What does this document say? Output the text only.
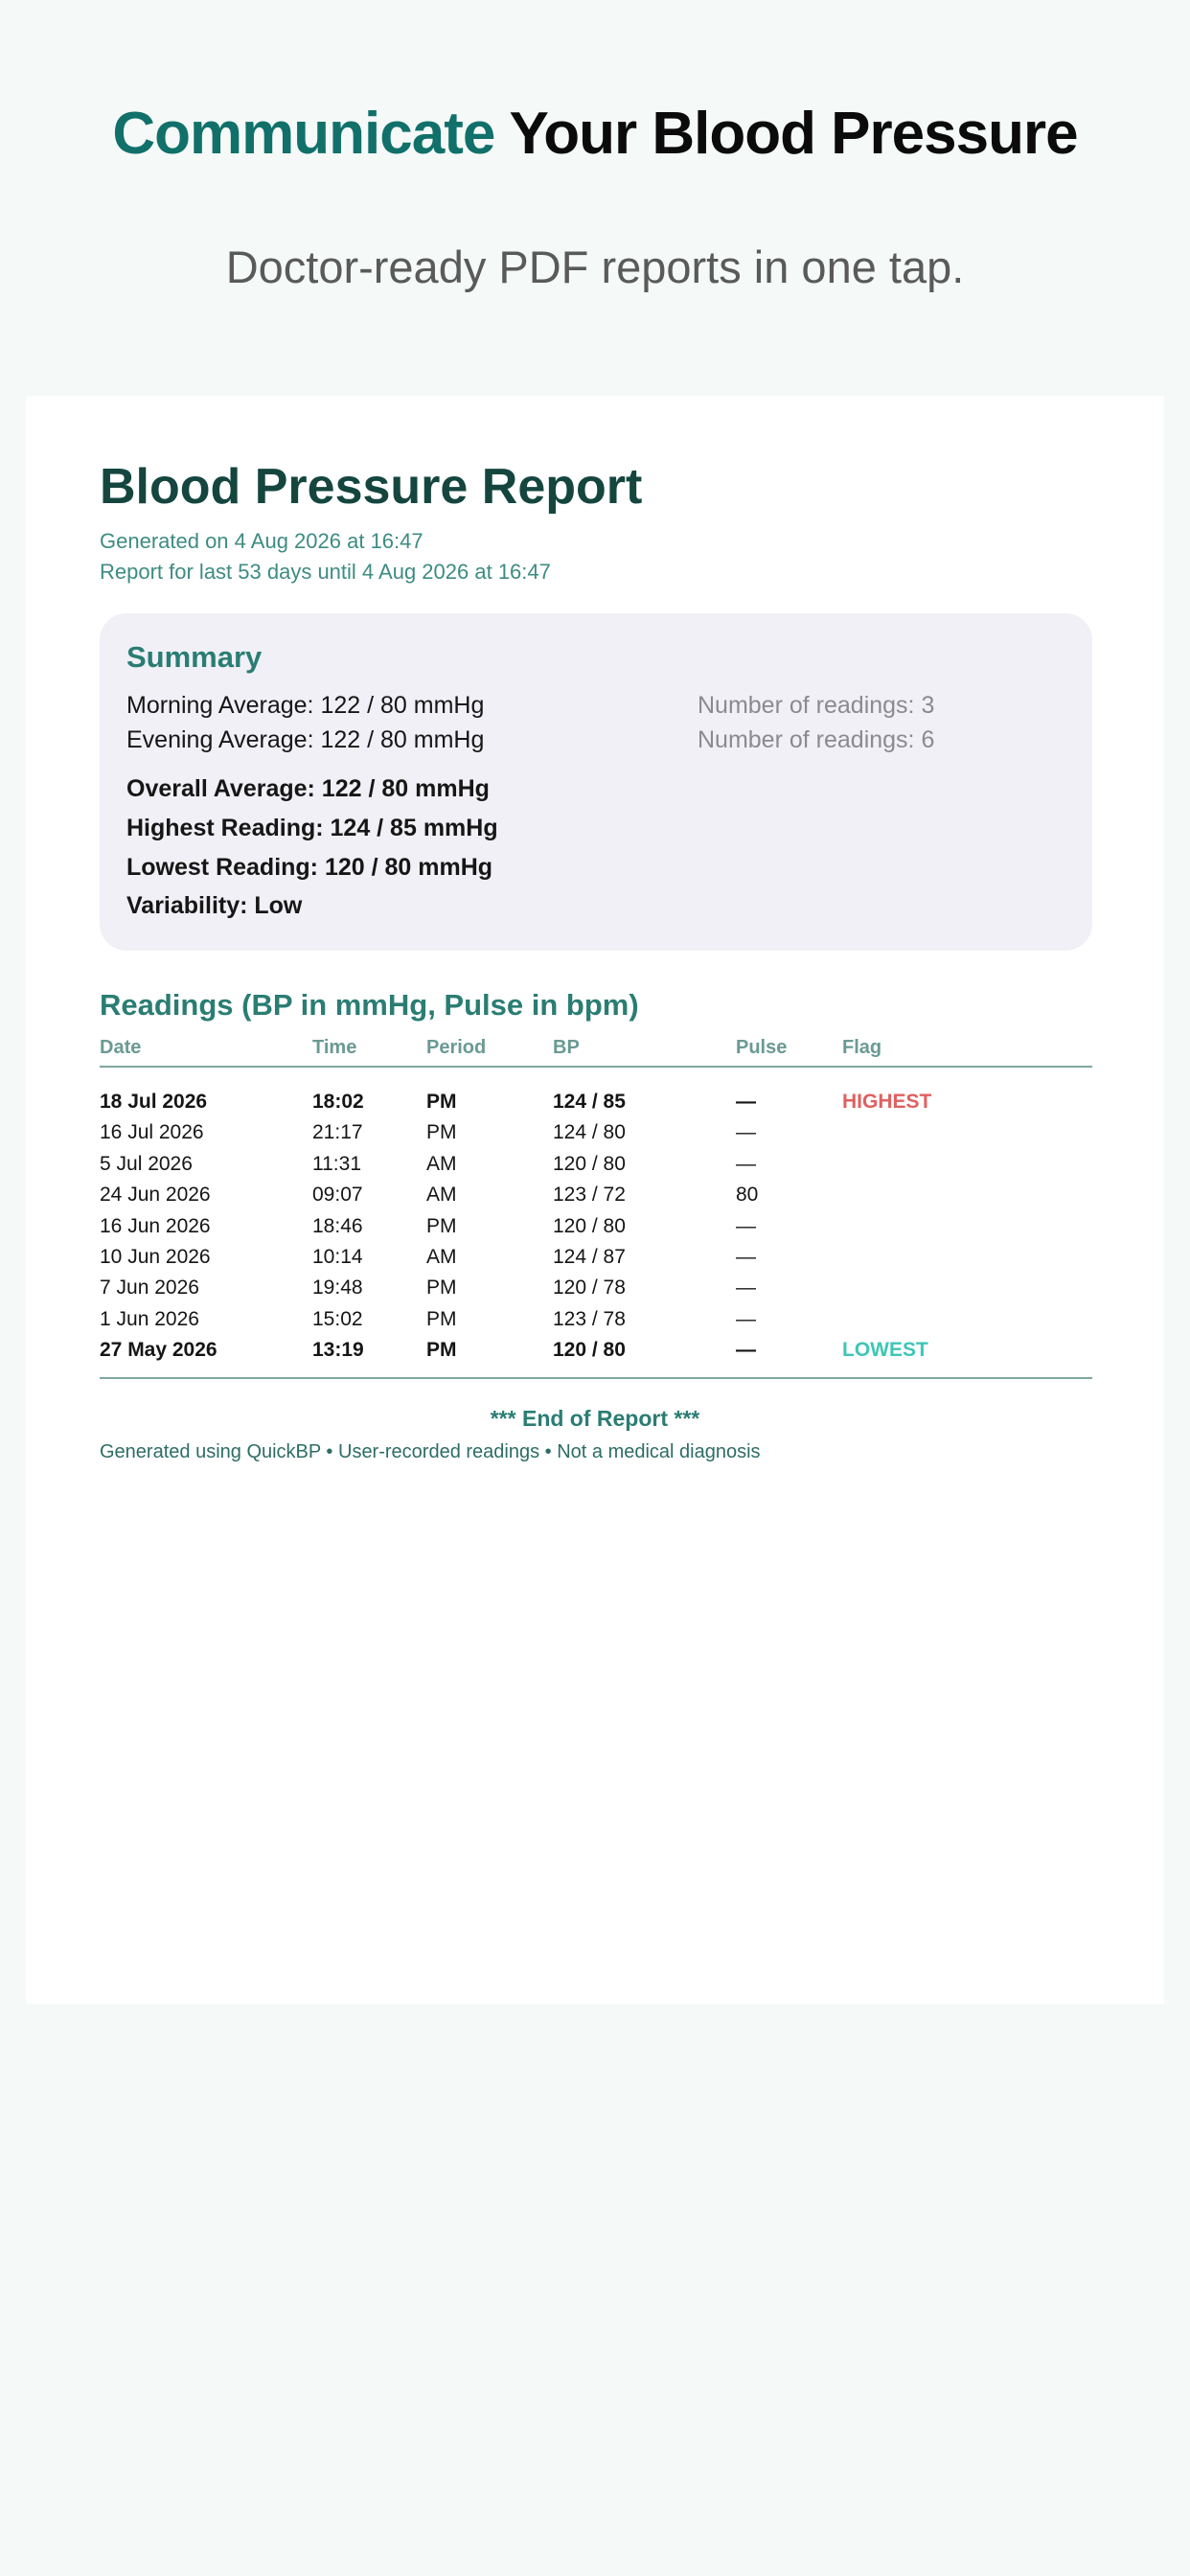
Communicate Your Blood Pressure

Doctor-ready PDF reports in one tap.

Blood Pressure Report
Generated on 4 Aug 2026 at 16:47
Report for last 53 days until 4 Aug 2026 at 16:47
Summary
Morning Average: 122 / 80 mmHg	Number of readings: 3
Evening Average: 122 / 80 mmHg	Number of readings: 6
Overall Average: 122 / 80 mmHg
Highest Reading: 124 / 85 mmHg
Lowest Reading: 120 / 80 mmHg
Variability: Low
Readings (BP in mmHg, Pulse in bpm)
Date	Time	Period	BP	Pulse	Flag
18 Jul 2026	18:02	PM	124 / 85	—	HIGHEST
16 Jul 2026	21:17	PM	124 / 80	—
5 Jul 2026	11:31	AM	120 / 80	—
24 Jun 2026	09:07	AM	123 / 72	80
16 Jun 2026	18:46	PM	120 / 80	—
10 Jun 2026	10:14	AM	124 / 87	—
7 Jun 2026	19:48	PM	120 / 78	—
1 Jun 2026	15:02	PM	123 / 78	—
27 May 2026	13:19	PM	120 / 80	—	LOWEST
*** End of Report ***
Generated using QuickBP • User-recorded readings • Not a medical diagnosis
